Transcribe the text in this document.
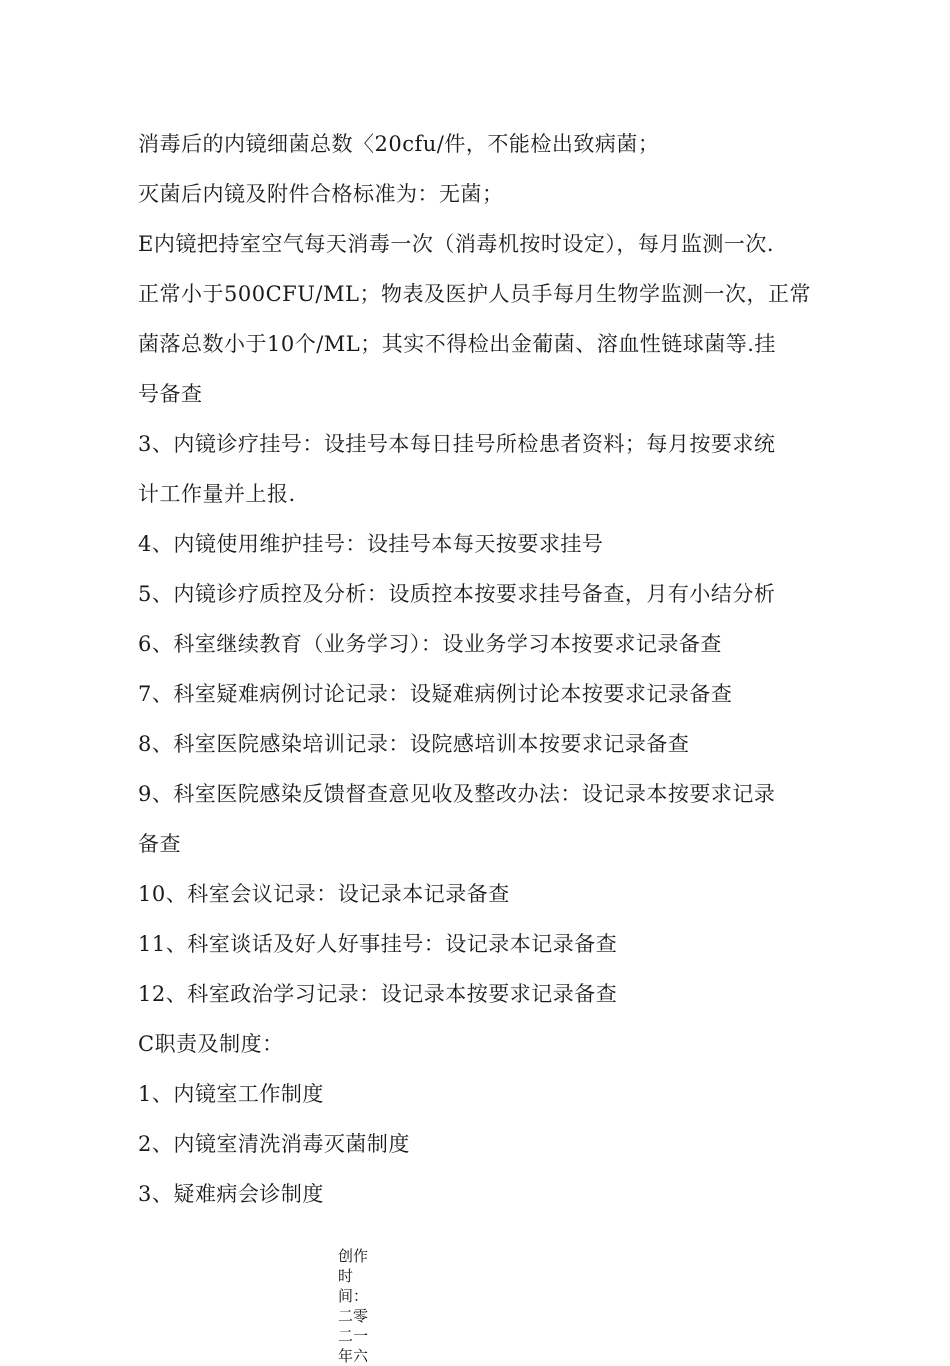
消毒后的内镜细菌总数〈20cfu/件，不能检出致病菌；
灭菌后内镜及附件合格标准为：无菌；
E内镜把持室空气每天消毒一次（消毒机按时设定），每月监测一次.
正常小于500CFU/ML；物表及医护人员手每月生物学监测一次，正常
菌落总数小于10个/ML；其实不得检出金葡菌、溶血性链球菌等.挂
号备查
3、内镜诊疗挂号：设挂号本每日挂号所检患者资料；每月按要求统
计工作量并上报.
4、内镜使用维护挂号：设挂号本每天按要求挂号
5、内镜诊疗质控及分析：设质控本按要求挂号备查，月有小结分析
6、科室继续教育（业务学习）：设业务学习本按要求记录备查
7、科室疑难病例讨论记录：设疑难病例讨论本按要求记录备查
8、科室医院感染培训记录：设院感培训本按要求记录备查
9、科室医院感染反馈督查意见收及整改办法：设记录本按要求记录
备查
10、科室会议记录：设记录本记录备查
11、科室谈话及好人好事挂号：设记录本记录备查
12、科室政治学习记录：设记录本按要求记录备查
C职责及制度：
1、内镜室工作制度
2、内镜室清洗消毒灭菌制度
3、疑难病会诊制度
创作时间：二零二一年六
